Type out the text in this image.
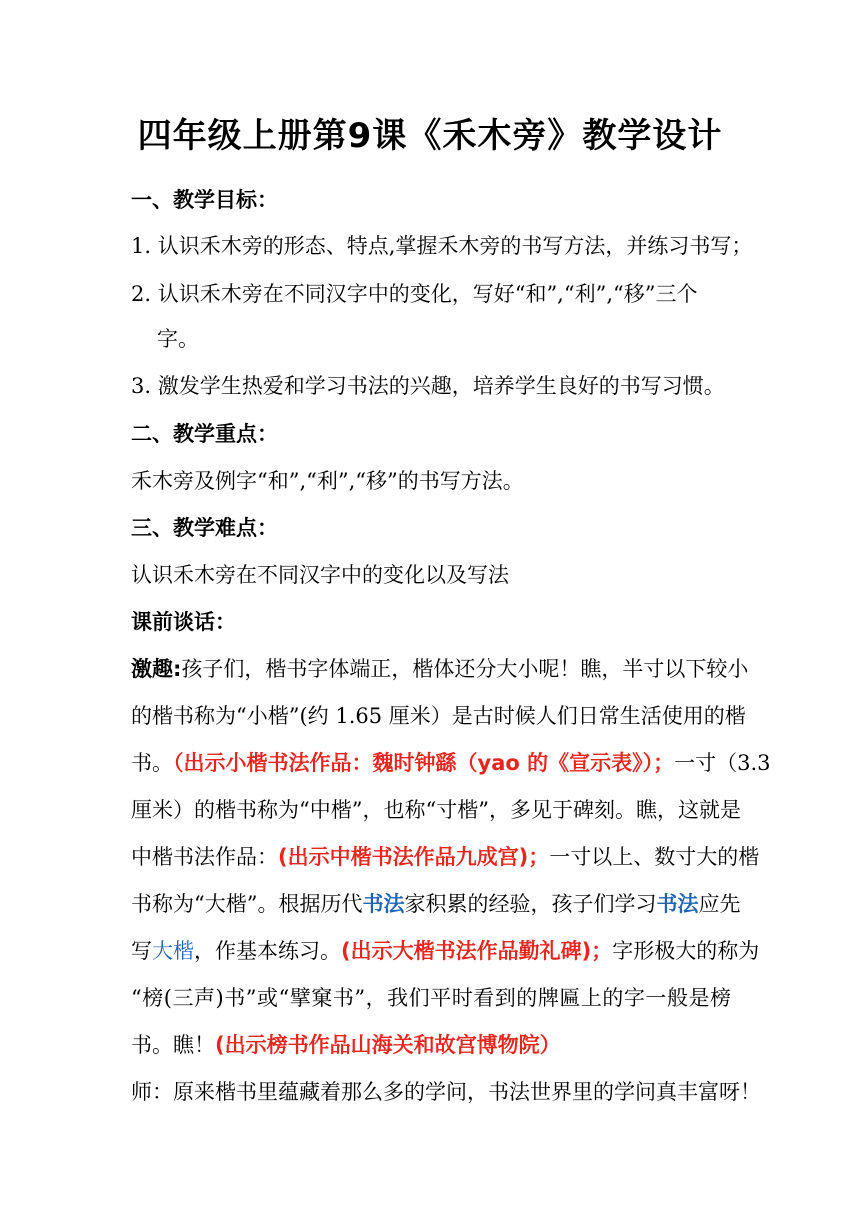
四年级上册第9课《禾木旁》教学设计
一、教学目标：
1. 认识禾木旁的形态、特点,掌握禾木旁的书写方法，并练习书写；
2. 认识禾木旁在不同汉字中的变化，写好“和”,“利”,“移”三个
字。
3. 激发学生热爱和学习书法的兴趣，培养学生良好的书写习惯。
二、教学重点：
禾木旁及例字“和”,“利”,“移”的书写方法。
三、教学难点：
认识禾木旁在不同汉字中的变化以及写法
课前谈话：
激趣:孩子们，楷书字体端正，楷体还分大小呢！瞧，半寸以下较小
的楷书称为“小楷”(约 1.65 厘米）是古时候人们日常生活使用的楷
书。（出示小楷书法作品：魏时钟繇（yao 的《宣示表》）；一寸（3.3
厘米）的楷书称为“中楷”，也称“寸楷”，多见于碑刻。瞧，这就是
中楷书法作品：(出示中楷书法作品九成宫)；一寸以上、数寸大的楷
书称为“大楷”。根据历代书法家积累的经验，孩子们学习书法应先
写大楷，作基本练习。(出示大楷书法作品勤礼碑)；字形极大的称为
“榜(三声)书”或“擘窠书”，我们平时看到的牌匾上的字一般是榜
书。瞧！(出示榜书作品山海关和故宫博物院）
师：原来楷书里蕴藏着那么多的学问，书法世界里的学问真丰富呀！
